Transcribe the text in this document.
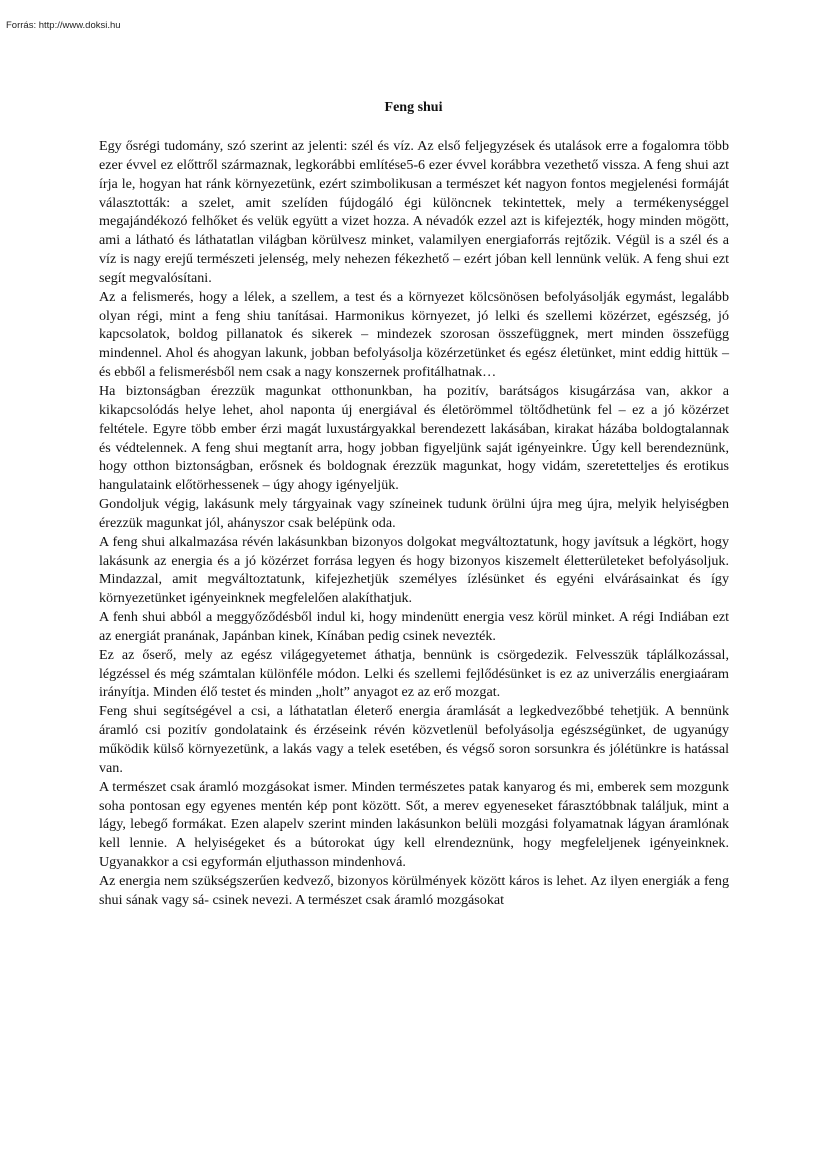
Forrás: http://www.doksi.hu
Feng shui

Egy ősrégi tudomány, szó szerint az jelenti: szél és víz. Az első feljegyzések és utalások erre a fogalomra több ezer évvel ez előttről származnak, legkorábbi említése5-6 ezer évvel korábbra vezethető vissza. A feng shui azt írja le, hogyan hat ránk környezetünk, ezért szimbolikusan a természet két nagyon fontos megjelenési formáját választották: a szelet, amit szelíden fújdogáló égi különcnek tekintettek, mely a termékenységgel megajándékozó felhőket és velük együtt a vizet hozza. A névadók ezzel azt is kifejezték, hogy minden mögött, ami a látható és láthatatlan világban körülvesz minket, valamilyen energiaforrás rejtőzik. Végül is a szél és a víz is nagy erejű természeti jelenség, mely nehezen fékezhető – ezért jóban kell lennünk velük. A feng shui ezt segít megvalósítani.

Az a felismerés, hogy a lélek, a szellem, a test és a környezet kölcsönösen befolyásolják egymást, legalább olyan régi, mint a feng shiu tanításai. Harmonikus környezet, jó lelki és szellemi közérzet, egészség, jó kapcsolatok, boldog pillanatok és sikerek – mindezek szorosan összefüggnek, mert minden összefügg mindennel. Ahol és ahogyan lakunk, jobban befolyásolja közérzetünket és egész életünket, mint eddig hittük – és ebből a felismerésből nem csak a nagy konszernek profitálhatnak…

Ha biztonságban érezzük magunkat otthonunkban, ha pozitív, barátságos kisugárzása van, akkor a kikapcsolódás helye lehet, ahol naponta új energiával és életörömmel töltődhetünk fel – ez a jó közérzet feltétele. Egyre több ember érzi magát luxustárgyakkal berendezett lakásában, kirakat házába boldogtalannak és védtelennek. A feng shui megtanít arra, hogy jobban figyeljünk saját igényeinkre. Úgy kell berendeznünk, hogy otthon biztonságban, erősnek és boldognak érezzük magunkat, hogy vidám, szeretetteljes és erotikus hangulataink előtörhessenek – úgy ahogy igényeljük.

Gondoljuk végig, lakásunk mely tárgyainak vagy színeinek tudunk örülni újra meg újra, melyik helyiségben érezzük magunkat jól, ahányszor csak belépünk oda.

A feng shui alkalmazása révén lakásunkban bizonyos dolgokat megváltoztatunk, hogy javítsuk a légkört, hogy lakásunk az energia és a jó közérzet forrása legyen és hogy bizonyos kiszemelt életterületeket befolyásoljuk. Mindazzal, amit megváltoztatunk, kifejezhetjük személyes ízlésünket és egyéni elvárásainkat és így környezetünket igényeinknek megfelelően alakíthatjuk.

A fenh shui abból a meggyőződésből indul ki, hogy mindenütt energia vesz körül minket. A régi Indiában ezt az energiát pranának, Japánban kinek, Kínában pedig csinek nevezték.

Ez az őserő, mely az egész világegyetemet áthatja, bennünk is csörgedezik. Felvesszük táplálkozással, légzéssel és még számtalan különféle módon. Lelki és szellemi fejlődésünket is ez az univerzális energiaáram irányítja. Minden élő testet és minden „holt” anyagot ez az erő mozgat.

Feng shui segítségével a csi, a láthatatlan életerő energia áramlását a legkedvezőbbé tehetjük. A bennünk áramló csi pozitív gondolataink és érzéseink révén közvetlenül befolyásolja egészségünket, de ugyanúgy működik külső környezetünk, a lakás vagy a telek esetében, és végső soron sorsunkra és jólétünkre is hatással van.

A természet csak áramló mozgásokat ismer. Minden természetes patak kanyarog és mi, emberek sem mozgunk soha pontosan egy egyenes mentén kép pont között. Sőt, a merev egyeneseket fárasztóbbnak találjuk, mint a lágy, lebegő formákat. Ezen alapelv szerint minden lakásunkon belüli mozgási folyamatnak lágyan áramlónak kell lennie. A helyiségeket és a bútorokat úgy kell elrendeznünk, hogy megfeleljenek igényeinknek. Ugyanakkor a csi egyformán eljuthasson mindenhová.

Az energia nem szükségszerűen kedvező, bizonyos körülmények között káros is lehet. Az ilyen energiák a feng shui sának vagy sá- csinek nevezi. A természet csak áramló mozgásokat
